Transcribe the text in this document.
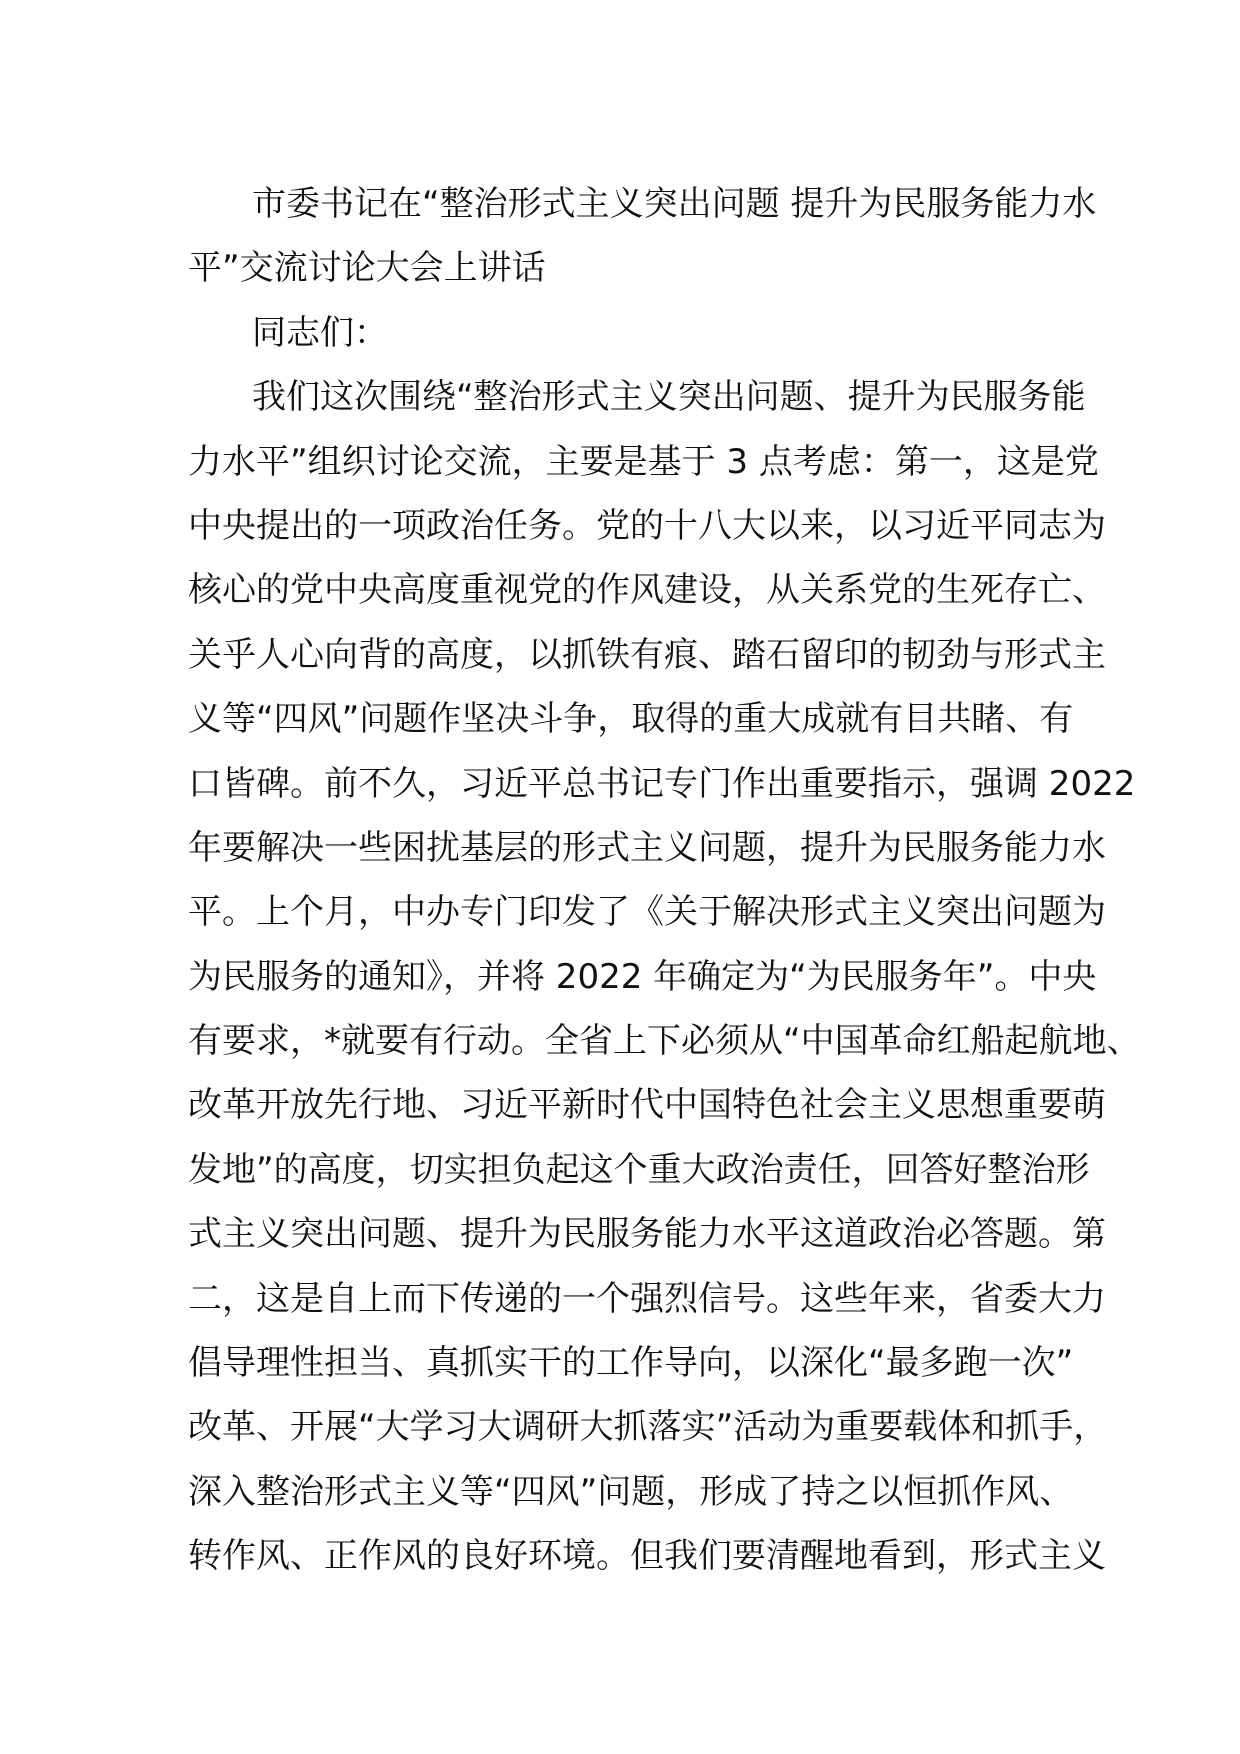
市委书记在“整治形式主义突出问题 提升为民服务能力水
平”交流讨论大会上讲话
同志们：
我们这次围绕“整治形式主义突出问题、提升为民服务能
力水平”组织讨论交流，主要是基于 3 点考虑：第一，这是党
中央提出的一项政治任务。党的十八大以来，以习近平同志为
核心的党中央高度重视党的作风建设，从关系党的生死存亡、
关乎人心向背的高度，以抓铁有痕、踏石留印的韧劲与形式主
义等“四风”问题作坚决斗争，取得的重大成就有目共睹、有
口皆碑。前不久，习近平总书记专门作出重要指示，强调 2022
年要解决一些困扰基层的形式主义问题，提升为民服务能力水
平。上个月，中办专门印发了《关于解决形式主义突出问题为
为民服务的通知》，并将 2022 年确定为“为民服务年”。中央
有要求，*就要有行动。全省上下必须从“中国革命红船起航地、
改革开放先行地、习近平新时代中国特色社会主义思想重要萌
发地”的高度，切实担负起这个重大政治责任，回答好整治形
式主义突出问题、提升为民服务能力水平这道政治必答题。第
二，这是自上而下传递的一个强烈信号。这些年来，省委大力
倡导理性担当、真抓实干的工作导向，以深化“最多跑一次”
改革、开展“大学习大调研大抓落实”活动为重要载体和抓手，
深入整治形式主义等“四风”问题，形成了持之以恒抓作风、
转作风、正作风的良好环境。但我们要清醒地看到，形式主义
